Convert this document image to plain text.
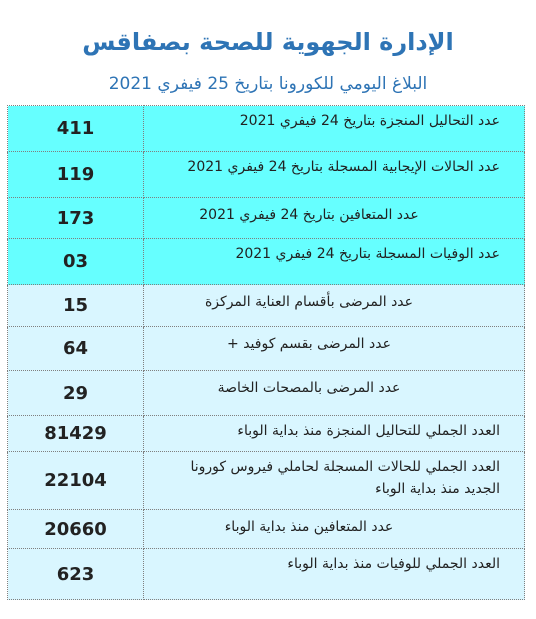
الإدارة الجهوية للصحة بصفاقس
البلاغ اليومي للكورونا بتاريخ 25 فيفري 2021
411	عدد التحاليل المنجزة بتاريخ 24 فيفري 2021

119	عدد الحالات الإيجابية المسجلة بتاريخ 24 فيفري 2021

173	عدد المتعافين بتاريخ 24 فيفري 2021

03	عدد الوفيات المسجلة بتاريخ 24 فيفري 2021

15	عدد المرضى بأقسام العناية المركزة

64	عدد المرضى بقسم كوفيد +

29	عدد المرضى بالمصحات الخاصة

81429	العدد الجملي للتحاليل المنجزة منذ بداية الوباء

22104	العدد الجملي للحالات المسجلة لحاملي فيروس كورونا الجديد منذ بداية الوباء

20660	عدد المتعافين منذ بداية الوباء

623	العدد الجملي للوفيات منذ بداية الوباء
